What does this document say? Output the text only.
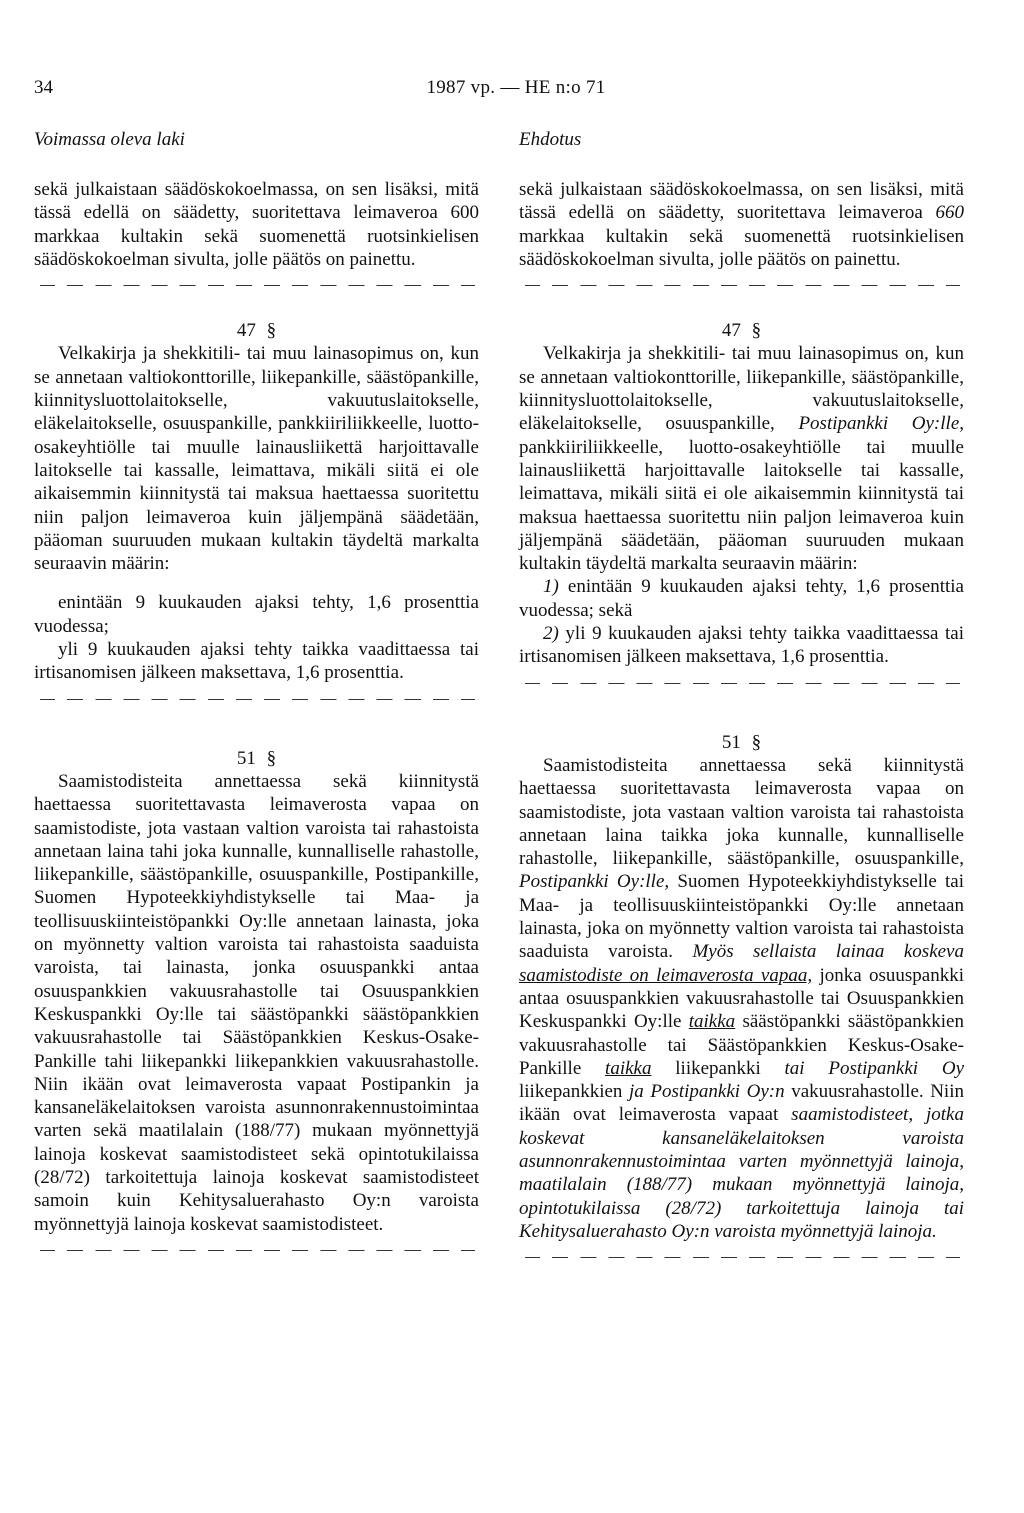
34	1987 vp. — HE n:o 71
Voimassa oleva laki

sekä julkaistaan säädöskokoelmassa, on sen lisäksi, mitä tässä edellä on säädetty, suoritettava leimaveroa 600 markkaa kultakin sekä suomenettä ruotsinkielisen säädöskokoelman sivulta, jolle päätös on painettu.

47 §

Velkakirja ja shekkitili- tai muu lainasopimus on, kun se annetaan valtiokonttorille, liikepankille, säästöpankille, kiinnitysluottolaitokselle, vakuutuslaitokselle, eläkelaitokselle, osuuspankille, pankkiiriliikkeelle, luotto-osakeyhtiölle tai muulle lainausliikettä harjoittavalle laitokselle tai kassalle, leimattava, mikäli siitä ei ole aikaisemmin kiinnitystä tai maksua haettaessa suoritettu niin paljon leimaveroa kuin jäljempänä säädetään, pääoman suuruuden mukaan kultakin täydeltä markalta seuraavin määrin:

enintään 9 kuukauden ajaksi tehty, 1,6 prosenttia vuodessa;

yli 9 kuukauden ajaksi tehty taikka vaadittaessa tai irtisanomisen jälkeen maksettava, 1,6 prosenttia.

51 §

Saamistodisteita annettaessa sekä kiinnitystä haettaessa suoritettavasta leimaverosta vapaa on saamistodiste, jota vastaan valtion varoista tai rahastoista annetaan laina tahi joka kunnalle, kunnalliselle rahastolle, liikepankille, säästöpankille, osuuspankille, Postipankille, Suomen Hypoteekkiyhdistykselle tai Maa- ja teollisuuskiinteistöpankki Oy:lle annetaan lainasta, joka on myönnetty valtion varoista tai rahastoista saaduista varoista, tai lainasta, jonka osuuspankki antaa osuuspankkien vakuusrahastolle tai Osuuspankkien Keskuspankki Oy:lle tai säästöpankki säästöpankkien vakuusrahastolle tai Säästöpankkien Keskus-Osake-Pankille tahi liikepankki liikepankkien vakuusrahastolle. Niin ikään ovat leimaverosta vapaat Postipankin ja kansaneläkelaitoksen varoista asunnonrakennustoimintaa varten sekä maatilalain (188/77) mukaan myönnettyjä lainoja koskevat saamistodisteet sekä opintotukilaissa (28/72) tarkoitettuja lainoja koskevat saamistodisteet samoin kuin Kehitysaluerahasto Oy:n varoista myönnettyjä lainoja koskevat saamistodisteet.

Ehdotus

sekä julkaistaan säädöskokoelmassa, on sen lisäksi, mitä tässä edellä on säädetty, suoritettava leimaveroa 660 markkaa kultakin sekä suomenettä ruotsinkielisen säädöskokoelman sivulta, jolle päätös on painettu.

47 §

Velkakirja ja shekkitili- tai muu lainasopimus on, kun se annetaan valtiokonttorille, liikepankille, säästöpankille, kiinnitysluottolaitokselle, vakuutuslaitokselle, eläkelaitokselle, osuuspankille, Postipankki Oy:lle, pankkiiriliikkeelle, luotto-osakeyhtiölle tai muulle lainausliikettä harjoittavalle laitokselle tai kassalle, leimattava, mikäli siitä ei ole aikaisemmin kiinnitystä tai maksua haettaessa suoritettu niin paljon leimaveroa kuin jäljempänä säädetään, pääoman suuruuden mukaan kultakin täydeltä markalta seuraavin määrin:

1) enintään 9 kuukauden ajaksi tehty, 1,6 prosenttia vuodessa; sekä

2) yli 9 kuukauden ajaksi tehty taikka vaadittaessa tai irtisanomisen jälkeen maksettava, 1,6 prosenttia.

51 §

Saamistodisteita annettaessa sekä kiinnitystä haettaessa suoritettavasta leimaverosta vapaa on saamistodiste, jota vastaan valtion varoista tai rahastoista annetaan laina taikka joka kunnalle, kunnalliselle rahastolle, liikepankille, säästöpankille, osuuspankille, Postipankki Oy:lle, Suomen Hypoteekkiyhdistykselle tai Maa- ja teollisuuskiinteistöpankki Oy:lle annetaan lainasta, joka on myönnetty valtion varoista tai rahastoista saaduista varoista. Myös sellaista lainaa koskeva saamistodiste on leimaverosta vapaa, jonka osuuspankki antaa osuuspankkien vakuusrahastolle tai Osuuspankkien Keskuspankki Oy:lle taikka säästöpankki säästöpankkien vakuusrahastolle tai Säästöpankkien Keskus-Osake-Pankille taikka liikepankki tai Postipankki Oy liikepankkien ja Postipankki Oy:n vakuusrahastolle. Niin ikään ovat leimaverosta vapaat saamistodisteet, jotka koskevat kansaneläkelaitoksen varoista asunnonrakennustoimintaa varten myönnettyjä lainoja, maatilalain (188/77) mukaan myönnettyjä lainoja, opintotukilaissa (28/72) tarkoitettuja lainoja tai Kehitysaluerahasto Oy:n varoista myönnettyjä lainoja.
